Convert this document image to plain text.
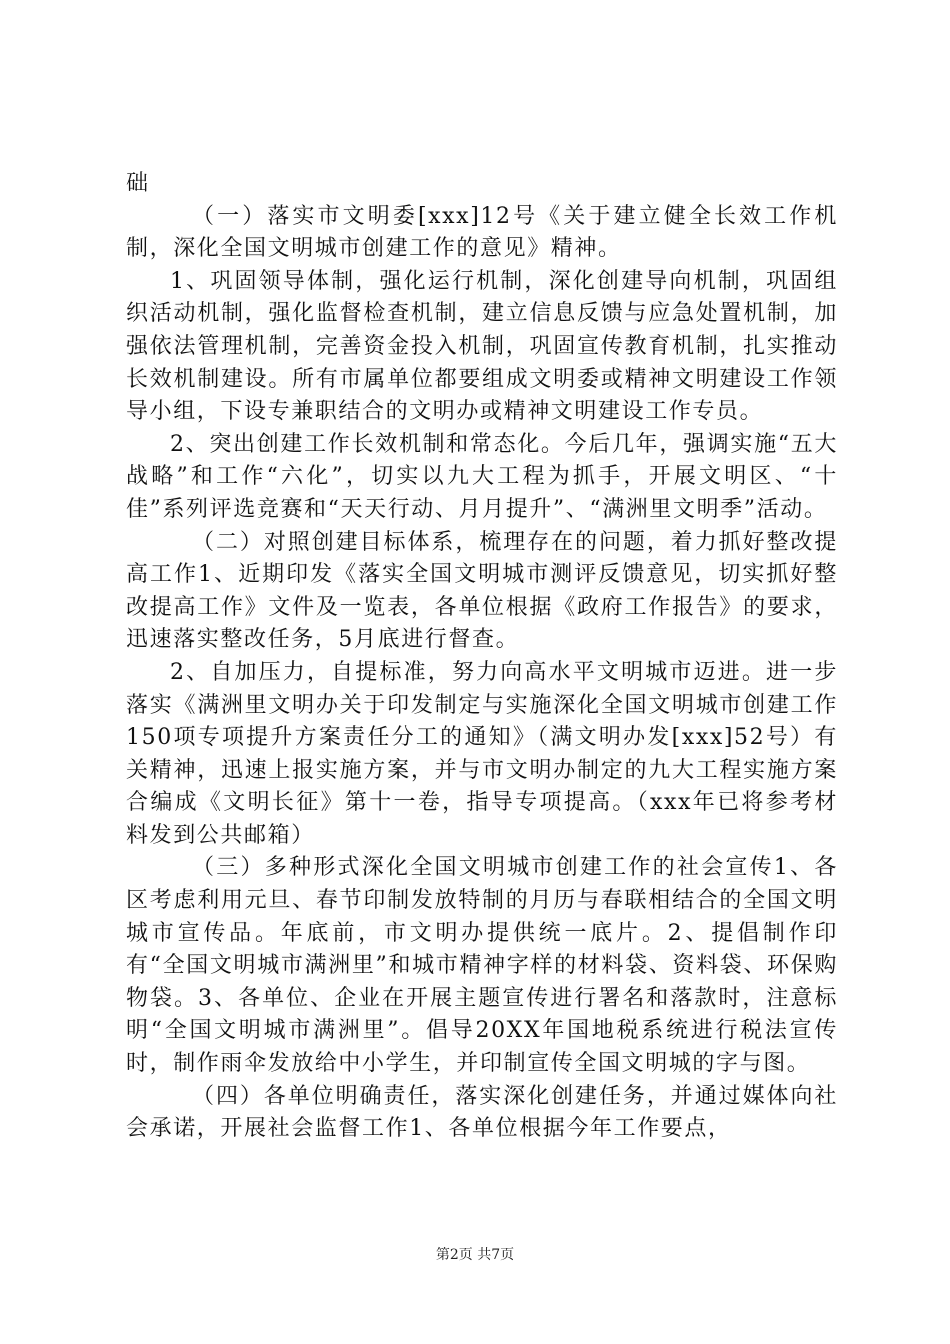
础

（一）落实市文明委[xxx]12号《关于建立健全长效工作机制，深化全国文明城市创建工作的意见》精神。

1、巩固领导体制，强化运行机制，深化创建导向机制，巩固组织活动机制，强化监督检查机制，建立信息反馈与应急处置机制，加强依法管理机制，完善资金投入机制，巩固宣传教育机制，扎实推动长效机制建设。所有市属单位都要组成文明委或精神文明建设工作领导小组，下设专兼职结合的文明办或精神文明建设工作专员。

2、突出创建工作长效机制和常态化。今后几年，强调实施“五大战略”和工作“六化”，切实以九大工程为抓手，开展文明区、“十佳”系列评选竞赛和“天天行动、月月提升”、“满洲里文明季”活动。

（二）对照创建目标体系，梳理存在的问题，着力抓好整改提高工作1、近期印发《落实全国文明城市测评反馈意见，切实抓好整改提高工作》文件及一览表，各单位根据《政府工作报告》的要求，迅速落实整改任务，5月底进行督查。

2、自加压力，自提标准，努力向高水平文明城市迈进。进一步落实《满洲里文明办关于印发制定与实施深化全国文明城市创建工作150项专项提升方案责任分工的通知》（满文明办发[xxx]52号）有关精神，迅速上报实施方案，并与市文明办制定的九大工程实施方案合编成《文明长征》第十一卷，指导专项提高。（xxx年已将参考材料发到公共邮箱）

（三）多种形式深化全国文明城市创建工作的社会宣传1、各区考虑利用元旦、春节印制发放特制的月历与春联相结合的全国文明城市宣传品。年底前，市文明办提供统一底片。2、提倡制作印有“全国文明城市满洲里”和城市精神字样的材料袋、资料袋、环保购物袋。3、各单位、企业在开展主题宣传进行署名和落款时，注意标明“全国文明城市满洲里”。倡导20XX年国地税系统进行税法宣传时，制作雨伞发放给中小学生，并印制宣传全国文明城的字与图。

（四）各单位明确责任，落实深化创建任务，并通过媒体向社会承诺，开展社会监督工作1、各单位根据今年工作要点，

第2页 共7页
